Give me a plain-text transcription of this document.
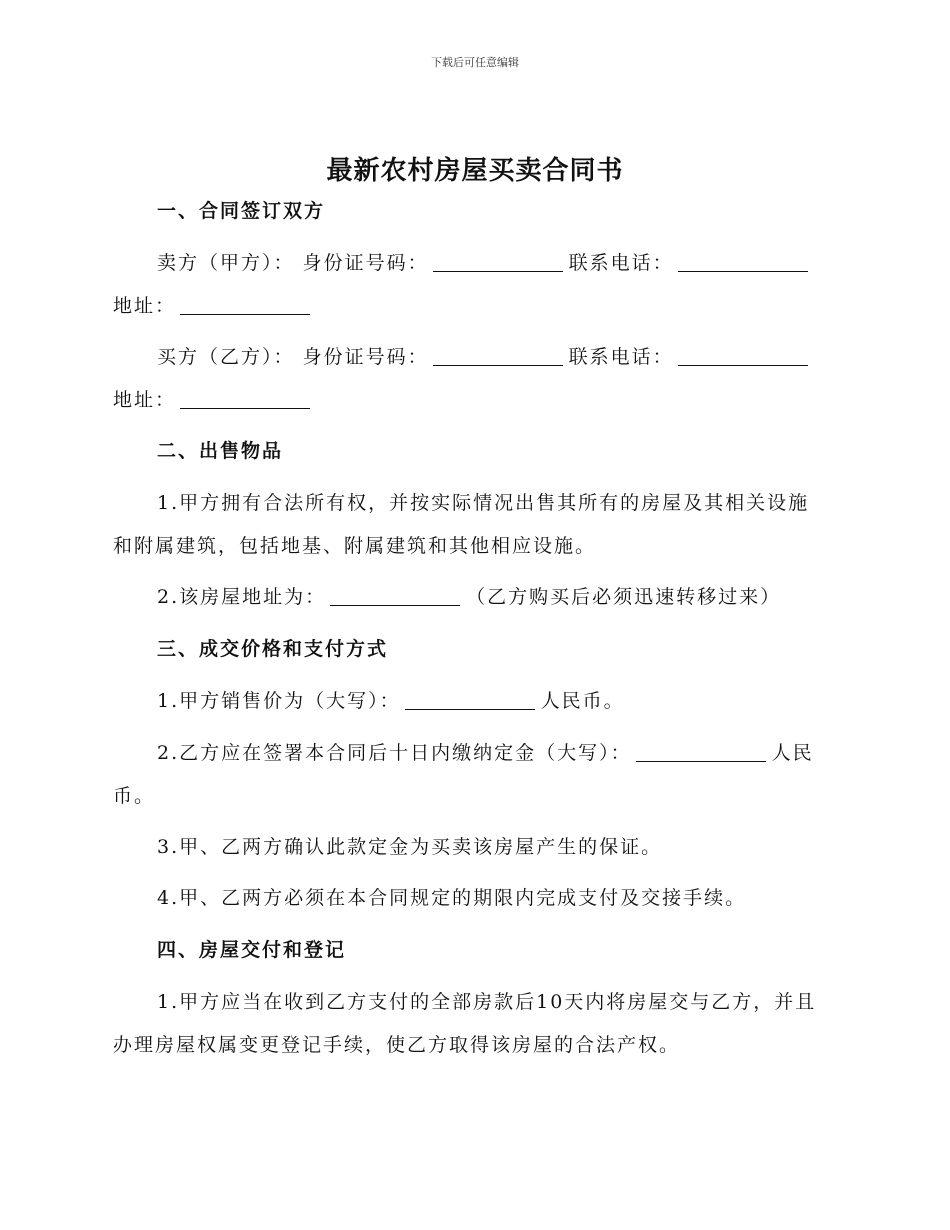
下载后可任意编辑
最新农村房屋买卖合同书
一、合同签订双方
卖方（甲方）： 身份证号码：	联系电话：
地址：
买方（乙方）： 身份证号码：	联系电话：
地址：
二、出售物品
1.甲方拥有合法所有权，并按实际情况出售其所有的房屋及其相关设施
和附属建筑，包括地基、附属建筑和其他相应设施。
2.该房屋地址为：	（乙方购买后必须迅速转移过来）
三、成交价格和支付方式
1.甲方销售价为（大写）：	人民币。
2.乙方应在签署本合同后十日内缴纳定金（大写）：	人民
币。
3.甲、乙两方确认此款定金为买卖该房屋产生的保证。
4.甲、乙两方必须在本合同规定的期限内完成支付及交接手续。
四、房屋交付和登记
1.甲方应当在收到乙方支付的全部房款后10天内将房屋交与乙方，并且
办理房屋权属变更登记手续，使乙方取得该房屋的合法产权。
